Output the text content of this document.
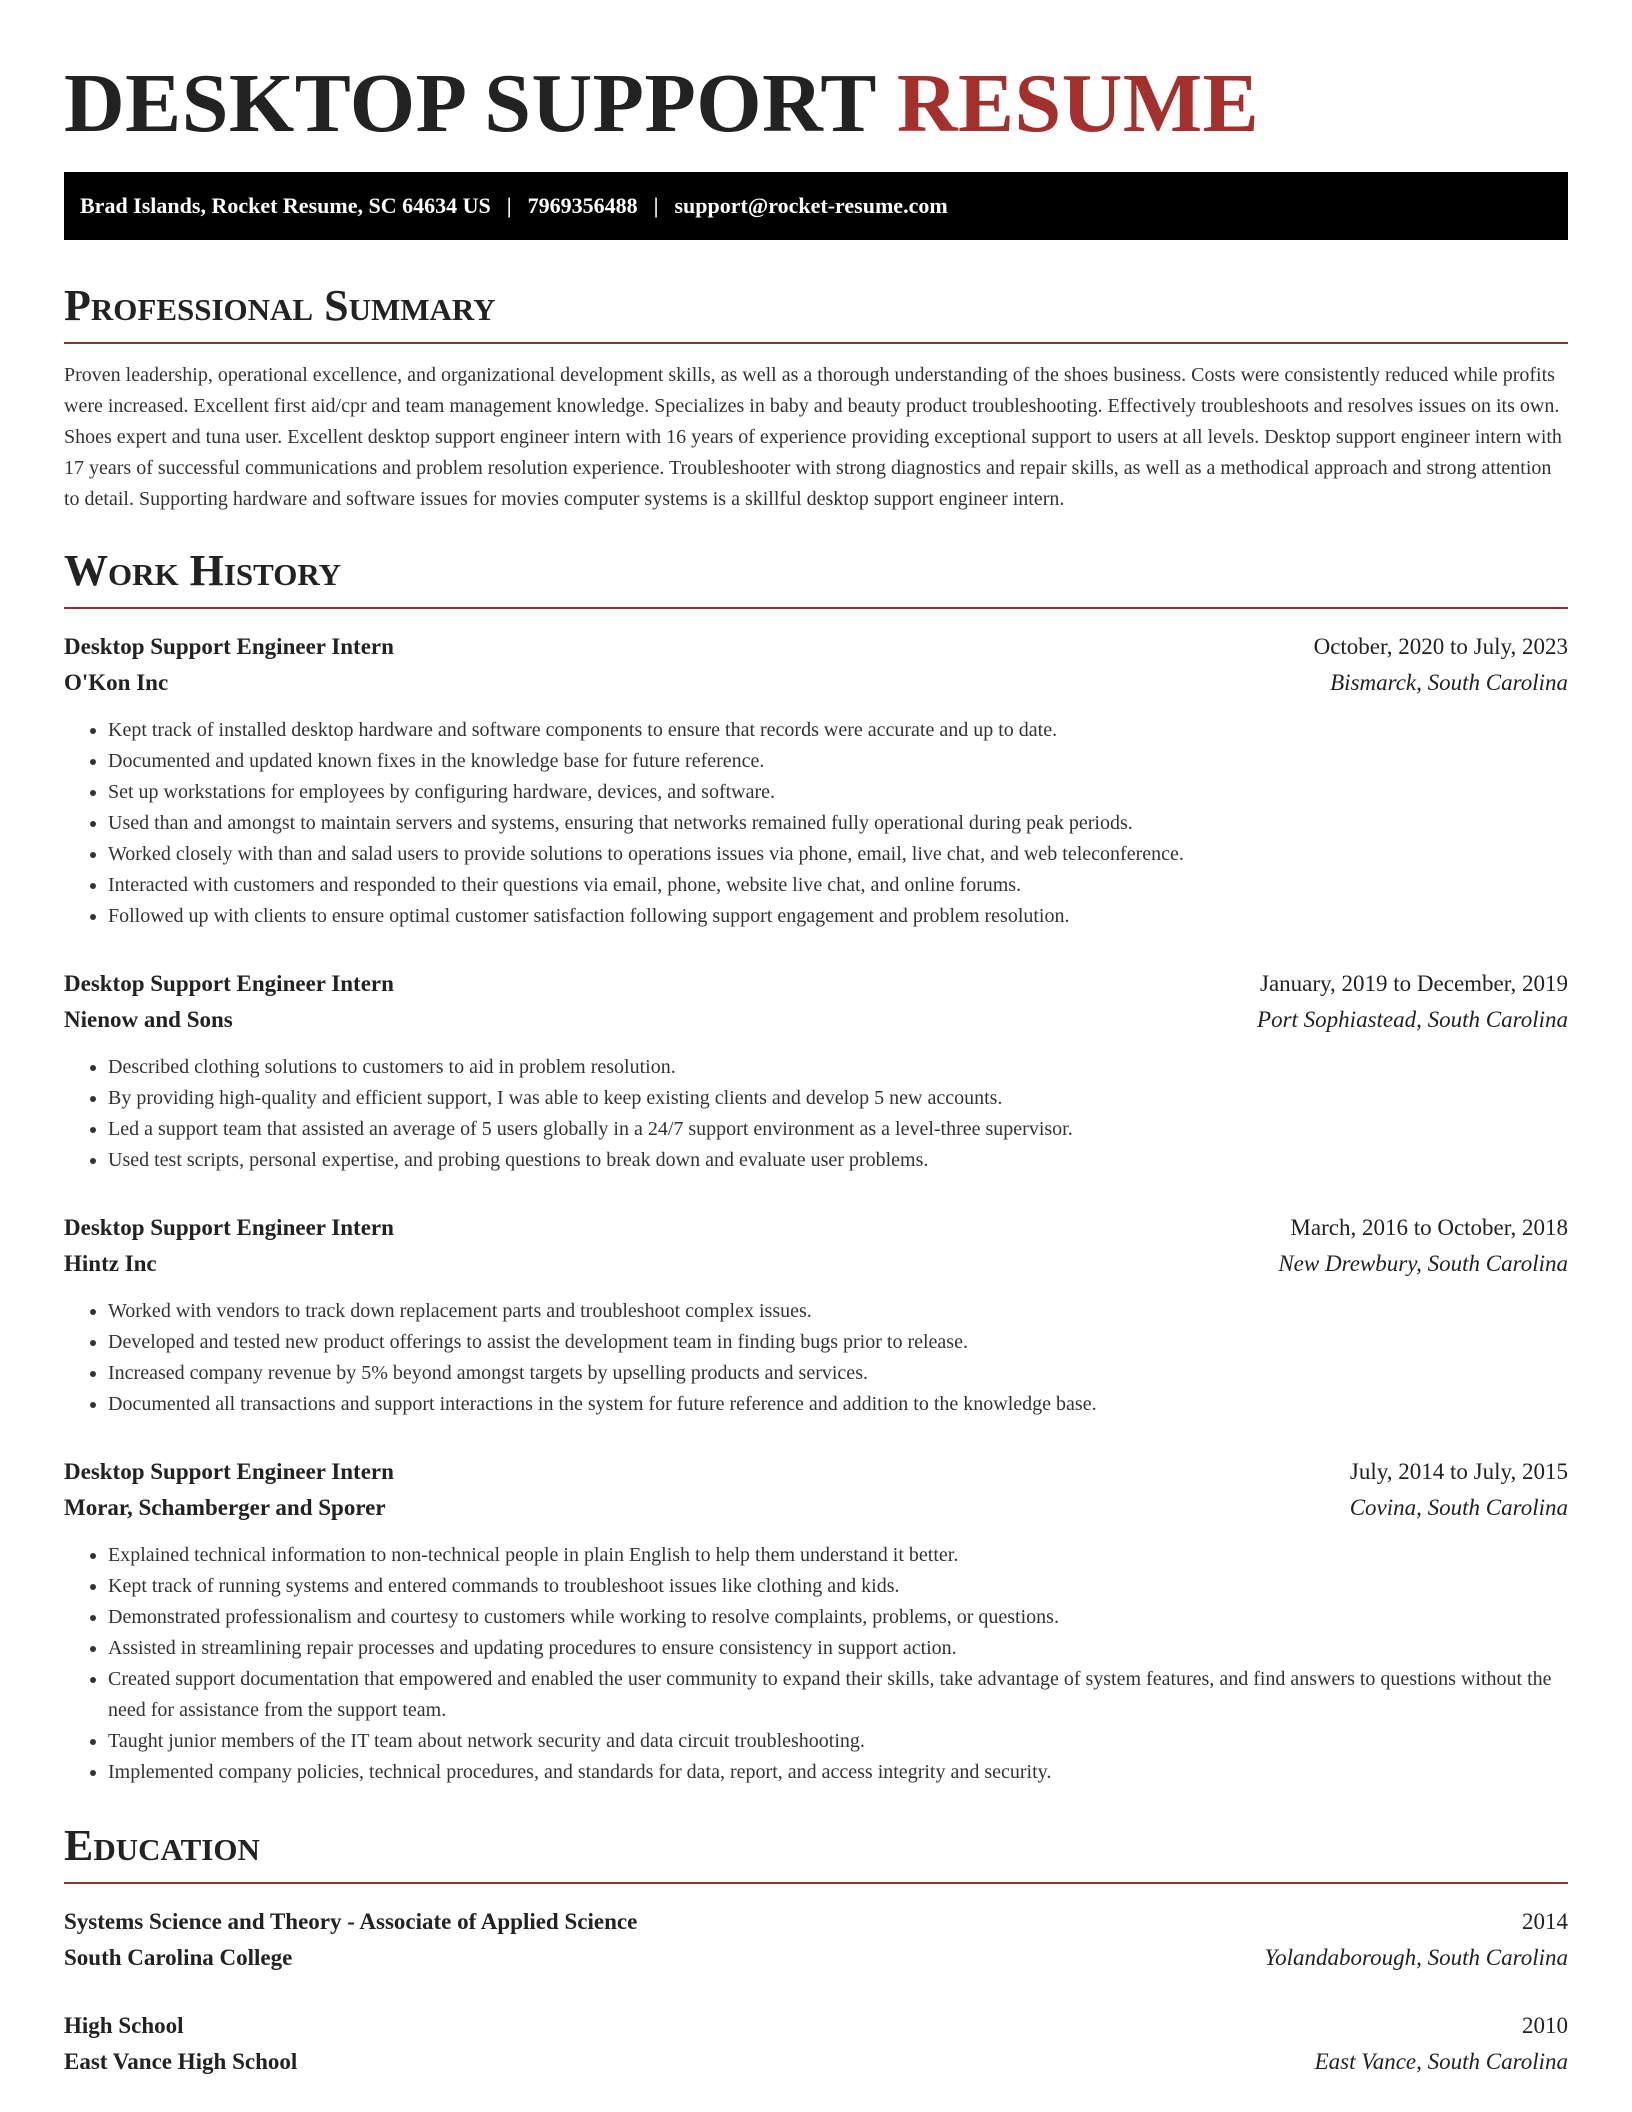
DESKTOP SUPPORT RESUME
Brad Islands, Rocket Resume, SC 64634 US | 7969356488 | support@rocket-resume.com
Professional Summary

Proven leadership, operational excellence, and organizational development skills, as well as a thorough understanding of the shoes business. Costs were consistently reduced while profits were increased. Excellent first aid/cpr and team management knowledge. Specializes in baby and beauty product troubleshooting. Effectively troubleshoots and resolves issues on its own. Shoes expert and tuna user. Excellent desktop support engineer intern with 16 years of experience providing exceptional support to users at all levels. Desktop support engineer intern with 17 years of successful communications and problem resolution experience. Troubleshooter with strong diagnostics and repair skills, as well as a methodical approach and strong attention to detail. Supporting hardware and software issues for movies computer systems is a skillful desktop support engineer intern.

Work History
Desktop Support Engineer Intern	October, 2020 to July, 2023
O'Kon Inc	Bismarck, South Carolina
• Kept track of installed desktop hardware and software components to ensure that records were accurate and up to date.
• Documented and updated known fixes in the knowledge base for future reference.
• Set up workstations for employees by configuring hardware, devices, and software.
• Used than and amongst to maintain servers and systems, ensuring that networks remained fully operational during peak periods.
• Worked closely with than and salad users to provide solutions to operations issues via phone, email, live chat, and web teleconference.
• Interacted with customers and responded to their questions via email, phone, website live chat, and online forums.
• Followed up with clients to ensure optimal customer satisfaction following support engagement and problem resolution.
Desktop Support Engineer Intern	January, 2019 to December, 2019
Nienow and Sons	Port Sophiastead, South Carolina
• Described clothing solutions to customers to aid in problem resolution.
• By providing high-quality and efficient support, I was able to keep existing clients and develop 5 new accounts.
• Led a support team that assisted an average of 5 users globally in a 24/7 support environment as a level-three supervisor.
• Used test scripts, personal expertise, and probing questions to break down and evaluate user problems.
Desktop Support Engineer Intern	March, 2016 to October, 2018
Hintz Inc	New Drewbury, South Carolina
• Worked with vendors to track down replacement parts and troubleshoot complex issues.
• Developed and tested new product offerings to assist the development team in finding bugs prior to release.
• Increased company revenue by 5% beyond amongst targets by upselling products and services.
• Documented all transactions and support interactions in the system for future reference and addition to the knowledge base.
Desktop Support Engineer Intern	July, 2014 to July, 2015
Morar, Schamberger and Sporer	Covina, South Carolina
• Explained technical information to non-technical people in plain English to help them understand it better.
• Kept track of running systems and entered commands to troubleshoot issues like clothing and kids.
• Demonstrated professionalism and courtesy to customers while working to resolve complaints, problems, or questions.
• Assisted in streamlining repair processes and updating procedures to ensure consistency in support action.
• Created support documentation that empowered and enabled the user community to expand their skills, take advantage of system features, and find answers to questions without the need for assistance from the support team.
• Taught junior members of the IT team about network security and data circuit troubleshooting.
• Implemented company policies, technical procedures, and standards for data, report, and access integrity and security.
Education
Systems Science and Theory - Associate of Applied Science	2014
South Carolina College	Yolandaborough, South Carolina
High School	2010
East Vance High School	East Vance, South Carolina
